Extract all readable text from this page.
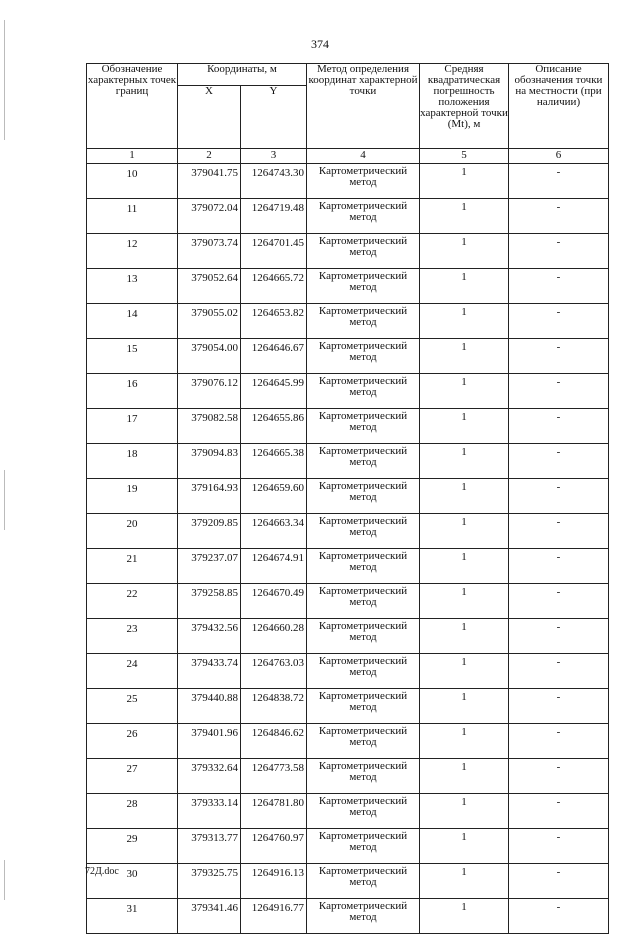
374
Обозначение характерных точек границ	Координаты, м		Метод определения координат характерной точки	Средняя квадратическая погрешность положения характерной точки (Mt), м	Описание обозначения точки на местности (при наличии)
	X	Y			
1	2	3	4	5	6
10	379041.75	1264743.30	Картометрический метод	1	-
11	379072.04	1264719.48	Картометрический метод	1	-
12	379073.74	1264701.45	Картометрический метод	1	-
13	379052.64	1264665.72	Картометрический метод	1	-
14	379055.02	1264653.82	Картометрический метод	1	-
15	379054.00	1264646.67	Картометрический метод	1	-
16	379076.12	1264645.99	Картометрический метод	1	-
17	379082.58	1264655.86	Картометрический метод	1	-
18	379094.83	1264665.38	Картометрический метод	1	-
19	379164.93	1264659.60	Картометрический метод	1	-
20	379209.85	1264663.34	Картометрический метод	1	-
21	379237.07	1264674.91	Картометрический метод	1	-
22	379258.85	1264670.49	Картометрический метод	1	-
23	379432.56	1264660.28	Картометрический метод	1	-
24	379433.74	1264763.03	Картометрический метод	1	-
25	379440.88	1264838.72	Картометрический метод	1	-
26	379401.96	1264846.62	Картометрический метод	1	-
27	379332.64	1264773.58	Картометрический метод	1	-
28	379333.14	1264781.80	Картометрический метод	1	-
29	379313.77	1264760.97	Картометрический метод	1	-
30	379325.75	1264916.13	Картометрический метод	1	-
31	379341.46	1264916.77	Картометрический метод	1	-
72Д.doc
